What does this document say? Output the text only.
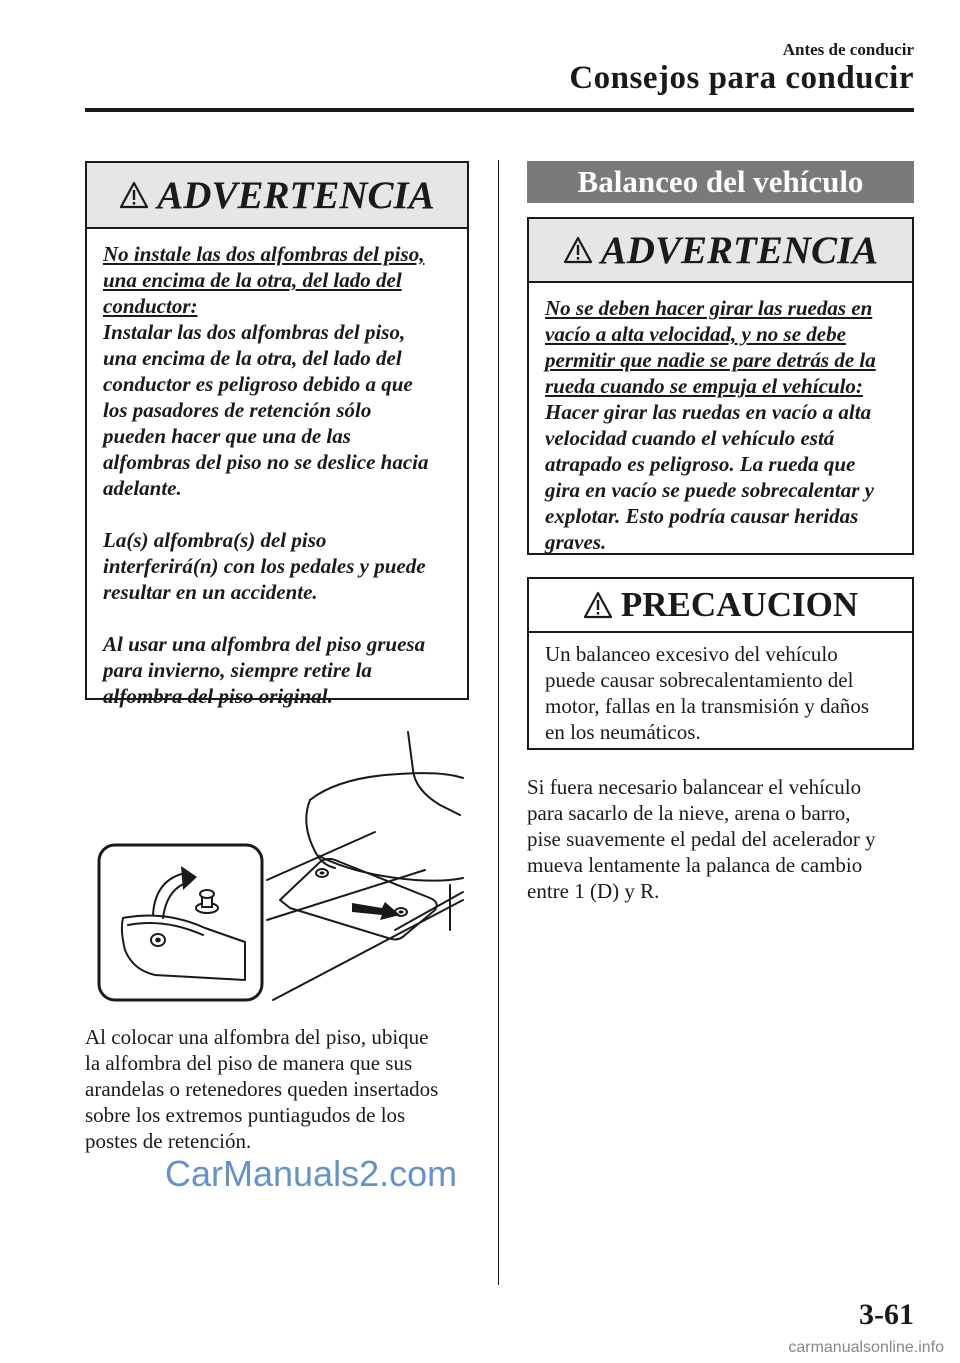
Antes de conducir
Consejos para conducir
ADVERTENCIA

No instale las dos alfombras del piso,

una encima de la otra, del lado del

conductor:

Instalar las dos alfombras del piso,

una encima de la otra, del lado del

conductor es peligroso debido a que

los pasadores de retención sólo

pueden hacer que una de las

alfombras del piso no se deslice hacia

adelante.

La(s) alfombra(s) del piso

interferirá(n) con los pedales y puede

resultar en un accidente.

Al usar una alfombra del piso gruesa

para invierno, siempre retire la

alfombra del piso original.

Al colocar una alfombra del piso, ubique
la alfombra del piso de manera que sus
arandelas o retenedores queden insertados
sobre los extremos puntiagudos de los
postes de retención.
Balanceo del vehículo
ADVERTENCIA

No se deben hacer girar las ruedas en

vacío a alta velocidad, y no se debe

permitir que nadie se pare detrás de la

rueda cuando se empuja el vehículo:

Hacer girar las ruedas en vacío a alta

velocidad cuando el vehículo está

atrapado es peligroso. La rueda que

gira en vacío se puede sobrecalentar y

explotar. Esto podría causar heridas

graves.

PRECAUCION

Un balanceo excesivo del vehículo

puede causar sobrecalentamiento del

motor, fallas en la transmisión y daños

en los neumáticos.

Si fuera necesario balancear el vehículo
para sacarlo de la nieve, arena o barro,
pise suavemente el pedal del acelerador y
mueva lentamente la palanca de cambio
entre 1 (D) y R.
CarManuals2.com
3-61
carmanualsonline.info
